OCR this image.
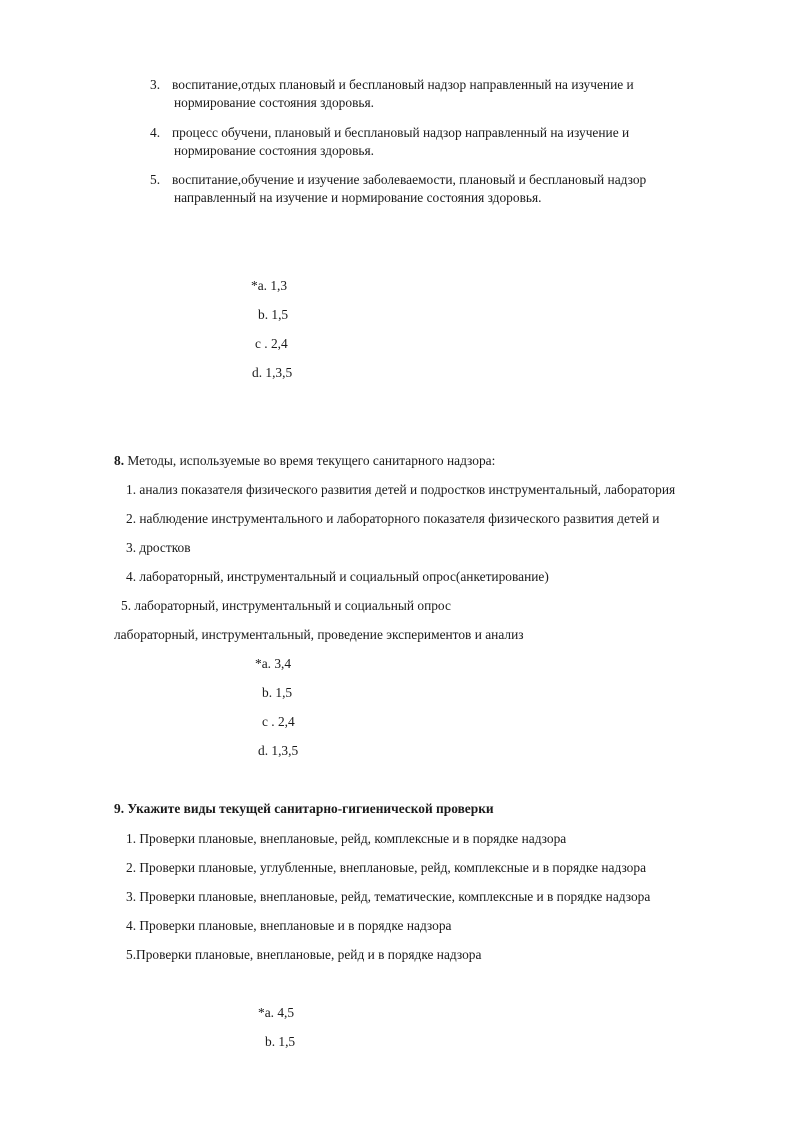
3. воспитание,отдых плановый и бесплановый надзор направленный на изучение и
нормирование состояния здоровья.
4. процесс обучени, плановый и бесплановый надзор направленный на изучение и
нормирование состояния здоровья.
5. воспитание,обучение и изучение заболеваемости, плановый и бесплановый надзор
направленный на изучение и нормирование состояния здоровья.
*a. 1,3
b. 1,5
c . 2,4
d. 1,3,5
8. Методы, используемые во время текущего санитарного надзора:
1. анализ показателя физического развития детей и подростков инструментальный, лаборатория
2. наблюдение инструментального и лабораторного показателя физического развития детей и
3. дростков
4. лабораторный, инструментальный и социальный опрос(анкетирование)
5. лабораторный, инструментальный и социальный опрос
лабораторный, инструментальный, проведение экспериментов и анализ
*a. 3,4
b. 1,5
c . 2,4
d. 1,3,5
9. Укажите виды текущей санитарно-гигиенической проверки
1. Проверки плановые, внеплановые, рейд, комплексные и в порядке надзора
2. Проверки плановые, углубленные, внеплановые, рейд, комплексные и в порядке надзора
3. Проверки плановые, внеплановые, рейд, тематические, комплексные и в порядке надзора
4. Проверки плановые, внеплановые и в порядке надзора
5.Проверки плановые, внеплановые, рейд и в порядке надзора
*a. 4,5
b. 1,5
